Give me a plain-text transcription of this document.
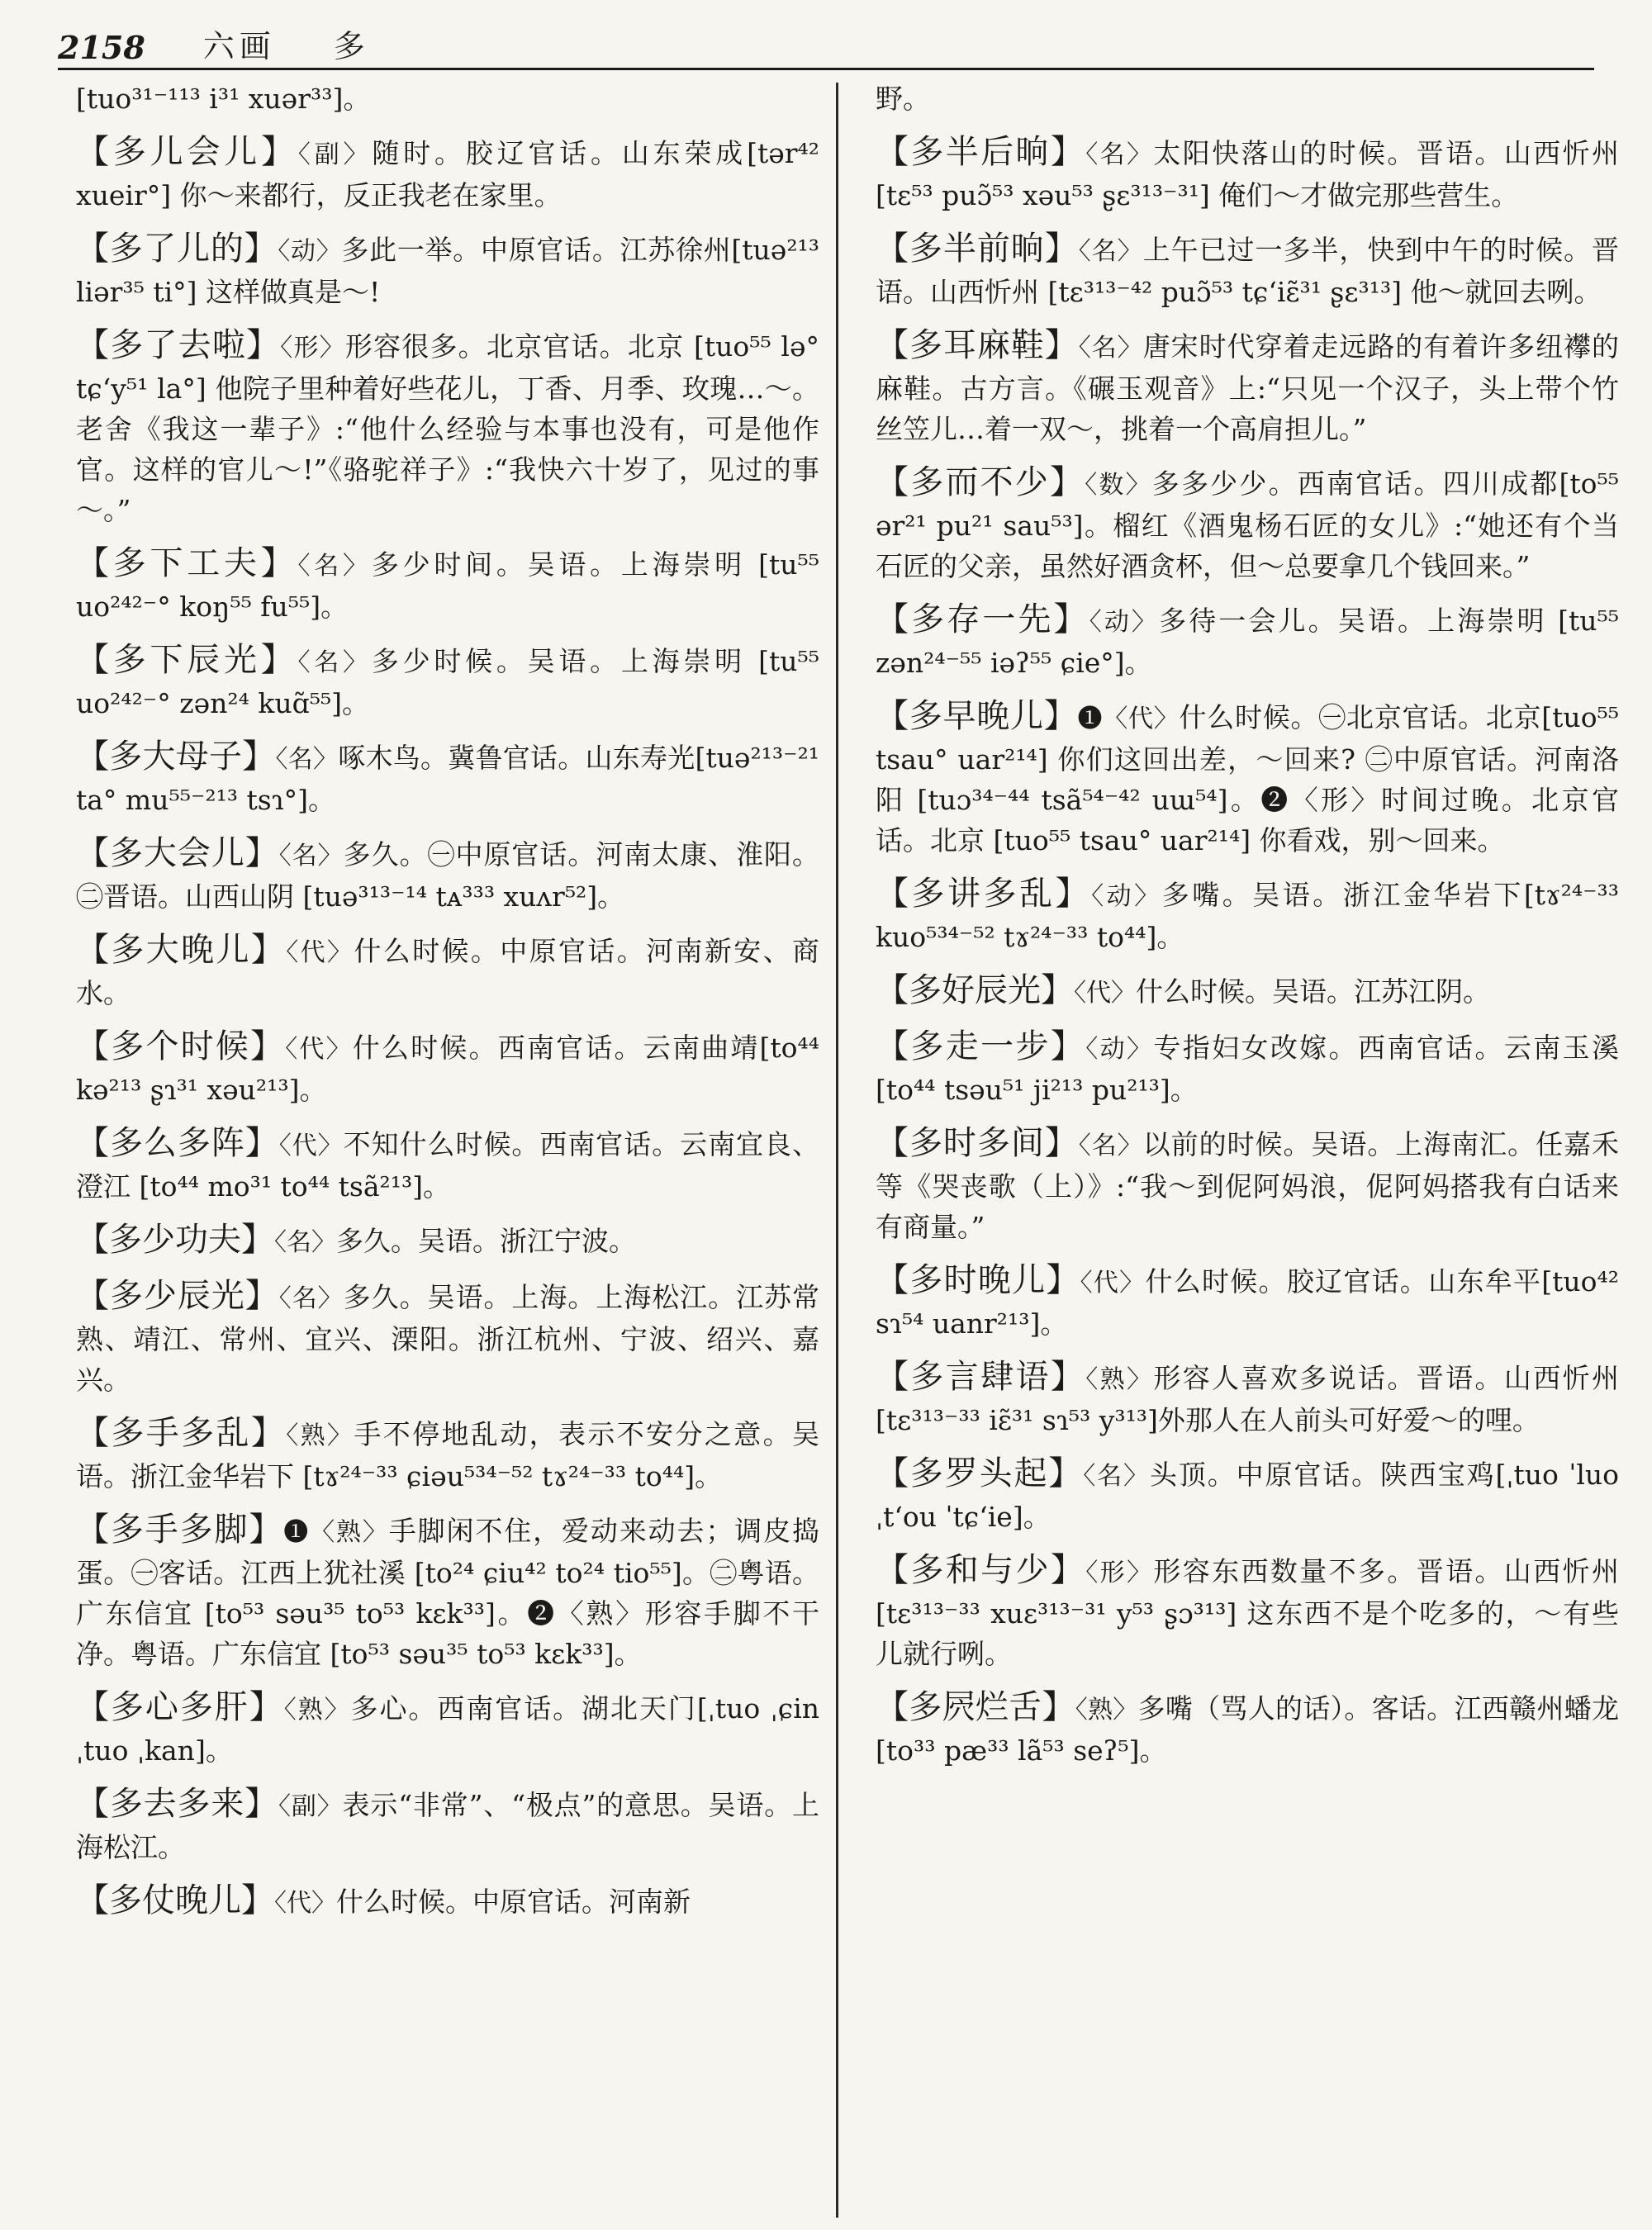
2158 六画 多

[tuo³¹⁻¹¹³ i³¹ xuər³³]。

【多儿会儿】〈副〉随时。胶辽官话。山东荣成[tər⁴² xueir°] 你～来都行，反正我老在家里。

【多了儿的】〈动〉多此一举。中原官话。江苏徐州[tuə²¹³ liər³⁵ ti°] 这样做真是～!

【多了去啦】〈形〉形容很多。北京官话。北京 [tuo⁵⁵ lə° tɕʻy⁵¹ la°] 他院子里种着好些花儿，丁香、月季、玫瑰…～。老舍《我这一辈子》:“他什么经验与本事也没有，可是他作官。这样的官儿～!”《骆驼祥子》:“我快六十岁了，见过的事～。”

【多下工夫】〈名〉多少时间。吴语。上海崇明 [tu⁵⁵ uo²⁴²⁻° koŋ⁵⁵ fu⁵⁵]。

【多下辰光】〈名〉多少时候。吴语。上海崇明 [tu⁵⁵ uo²⁴²⁻° zən²⁴ kuɑ̃⁵⁵]。

【多大母子】〈名〉啄木鸟。冀鲁官话。山东寿光[tuə²¹³⁻²¹ ta° mu⁵⁵⁻²¹³ tsɿ°]。

【多大会儿】〈名〉多久。㊀中原官话。河南太康、淮阳。㊁晋语。山西山阴 [tuə³¹³⁻¹⁴ tᴀ³³³ xuʌr⁵²]。

【多大晚儿】〈代〉什么时候。中原官话。河南新安、商水。

【多个时候】〈代〉什么时候。西南官话。云南曲靖[to⁴⁴ kə²¹³ ʂɿ³¹ xəu²¹³]。

【多么多阵】〈代〉不知什么时候。西南官话。云南宜良、澄江 [to⁴⁴ mo³¹ to⁴⁴ tsã²¹³]。

【多少功夫】〈名〉多久。吴语。浙江宁波。

【多少辰光】〈名〉多久。吴语。上海。上海松江。江苏常熟、靖江、常州、宜兴、溧阳。浙江杭州、宁波、绍兴、嘉兴。

【多手多乱】〈熟〉手不停地乱动，表示不安分之意。吴语。浙江金华岩下 [tɤ²⁴⁻³³ ɕiəu⁵³⁴⁻⁵² tɤ²⁴⁻³³ to⁴⁴]。

【多手多脚】❶〈熟〉手脚闲不住，爱动来动去；调皮捣蛋。㊀客话。江西上犹社溪 [to²⁴ ɕiu⁴² to²⁴ tio⁵⁵]。㊁粤语。广东信宜 [to⁵³ səu³⁵ to⁵³ kɛk³³]。❷〈熟〉形容手脚不干净。粤语。广东信宜 [to⁵³ səu³⁵ to⁵³ kɛk³³]。

【多心多肝】〈熟〉多心。西南官话。湖北天门[ˌtuo ˌɕin ˌtuo ˌkan]。

【多去多来】〈副〉表示“非常”、“极点”的意思。吴语。上海松江。

【多仗晚儿】〈代〉什么时候。中原官话。河南新

野。

【多半后晌】〈名〉太阳快落山的时候。晋语。山西忻州 [tɛ⁵³ puɔ̃⁵³ xəu⁵³ ʂɛ³¹³⁻³¹] 俺们～才做完那些营生。

【多半前晌】〈名〉上午已过一多半，快到中午的时候。晋语。山西忻州 [tɛ³¹³⁻⁴² puɔ̃⁵³ tɕʻiɛ̃³¹ ʂɛ³¹³] 他～就回去咧。

【多耳麻鞋】〈名〉唐宋时代穿着走远路的有着许多纽襻的麻鞋。古方言。《碾玉观音》上:“只见一个汉子，头上带个竹丝笠儿…着一双～，挑着一个高肩担儿。”

【多而不少】〈数〉多多少少。西南官话。四川成都[to⁵⁵ ər²¹ pu²¹ sau⁵³]。榴红《酒鬼杨石匠的女儿》:“她还有个当石匠的父亲，虽然好酒贪杯，但～总要拿几个钱回来。”

【多存一先】〈动〉多待一会儿。吴语。上海崇明 [tu⁵⁵ zən²⁴⁻⁵⁵ iəʔ⁵⁵ ɕie°]。

【多早晚儿】❶〈代〉什么时候。㊀北京官话。北京[tuo⁵⁵ tsau° uar²¹⁴] 你们这回出差，～回来? ㊁中原官话。河南洛阳 [tuɔ³⁴⁻⁴⁴ tsã⁵⁴⁻⁴² uɯ⁵⁴]。❷〈形〉时间过晚。北京官话。北京 [tuo⁵⁵ tsau° uar²¹⁴] 你看戏，别～回来。

【多讲多乱】〈动〉多嘴。吴语。浙江金华岩下[tɤ²⁴⁻³³ kuo⁵³⁴⁻⁵² tɤ²⁴⁻³³ to⁴⁴]。

【多好辰光】〈代〉什么时候。吴语。江苏江阴。

【多走一步】〈动〉专指妇女改嫁。西南官话。云南玉溪 [to⁴⁴ tsəu⁵¹ ji²¹³ pu²¹³]。

【多时多间】〈名〉以前的时候。吴语。上海南汇。任嘉禾等《哭丧歌（上）》:“我～到伲阿妈浪，伲阿妈搭我有白话来有商量。”

【多时晚儿】〈代〉什么时候。胶辽官话。山东牟平[tuo⁴² sɿ⁵⁴ uanr²¹³]。

【多言肆语】〈熟〉形容人喜欢多说话。晋语。山西忻州 [tɛ³¹³⁻³³ iɛ̃³¹ sɿ⁵³ y³¹³]外那人在人前头可好爱～的哩。

【多罗头起】〈名〉头顶。中原官话。陕西宝鸡[ˌtuo ˈluo ˌtʻou ˈtɕʻie]。

【多和与少】〈形〉形容东西数量不多。晋语。山西忻州 [tɛ³¹³⁻³³ xuɛ³¹³⁻³¹ y⁵³ ʂɔ³¹³] 这东西不是个吃多的，～有些儿就行咧。

【多屄烂舌】〈熟〉多嘴（骂人的话）。客话。江西赣州蟠龙 [to³³ pæ³³ lã⁵³ seʔ⁵]。
